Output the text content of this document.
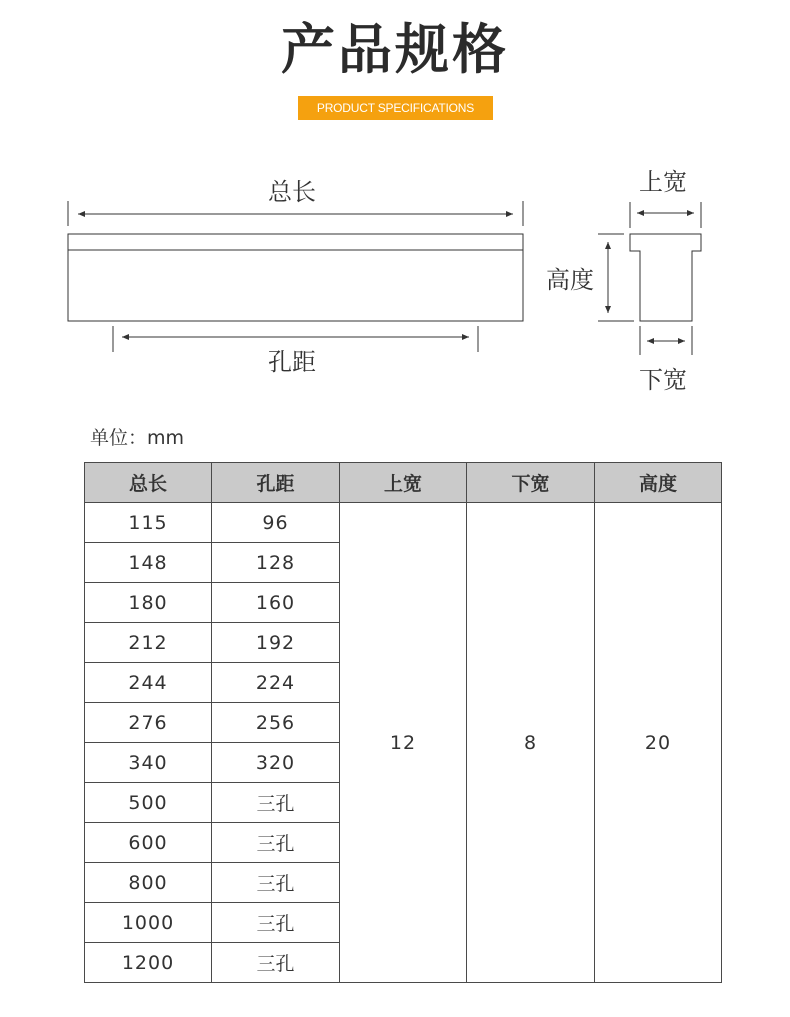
产品规格
PRODUCT SPECIFICATIONS
总长
孔距
上宽
高度
下宽
单位：mm
总长	孔距	上宽	下宽	高度
115	96	12	8	20
148	128			
180	160			
212	192			
244	224			
276	256			
340	320			
500	三孔			
600	三孔			
800	三孔			
1000	三孔			
1200	三孔			
